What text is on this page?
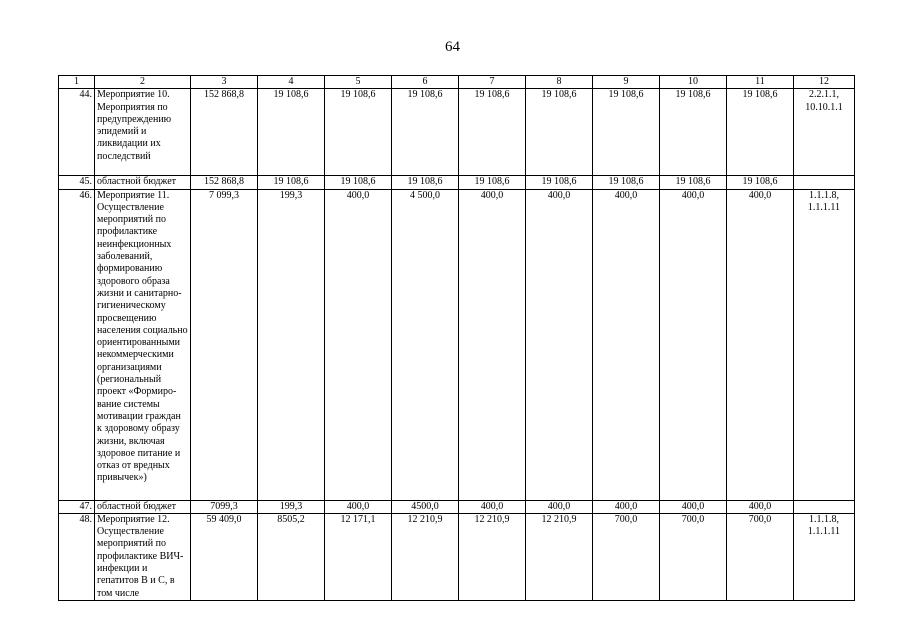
64
1	2	3	4	5	6	7	8	9	10	11	12
44.	Мероприятие 10. Мероприятия по предупреждению эпидемий и ликвидации их последствий	152 868,8	19 108,6	19 108,6	19 108,6	19 108,6	19 108,6	19 108,6	19 108,6	19 108,6	2.2.1.1, 10.10.1.1
45.	областной бюджет	152 868,8	19 108,6	19 108,6	19 108,6	19 108,6	19 108,6	19 108,6	19 108,6	19 108,6	
46.	Мероприятие 11. Осуществление мероприятий по профилактике неинфекционных заболеваний, формированию здорового образа жизни и санитарно-гигиеническому просвещению населения социально ориентированными некоммерческими организациями (региональный проект «Формиро-вание системы мотивации граждан к здоровому образу жизни, включая здоровое питание и отказ от вредных привычек»)	7 099,3	199,3	400,0	4 500,0	400,0	400,0	400,0	400,0	400,0	1.1.1.8, 1.1.1.11
47.	областной бюджет	7099,3	199,3	400,0	4500,0	400,0	400,0	400,0	400,0	400,0	
48.	Мероприятие 12. Осуществление мероприятий по профилактике ВИЧ-инфекции и гепатитов В и С, в том числе	59 409,0	8505,2	12 171,1	12 210,9	12 210,9	12 210,9	700,0	700,0	700,0	1.1.1.8, 1.1.1.11
